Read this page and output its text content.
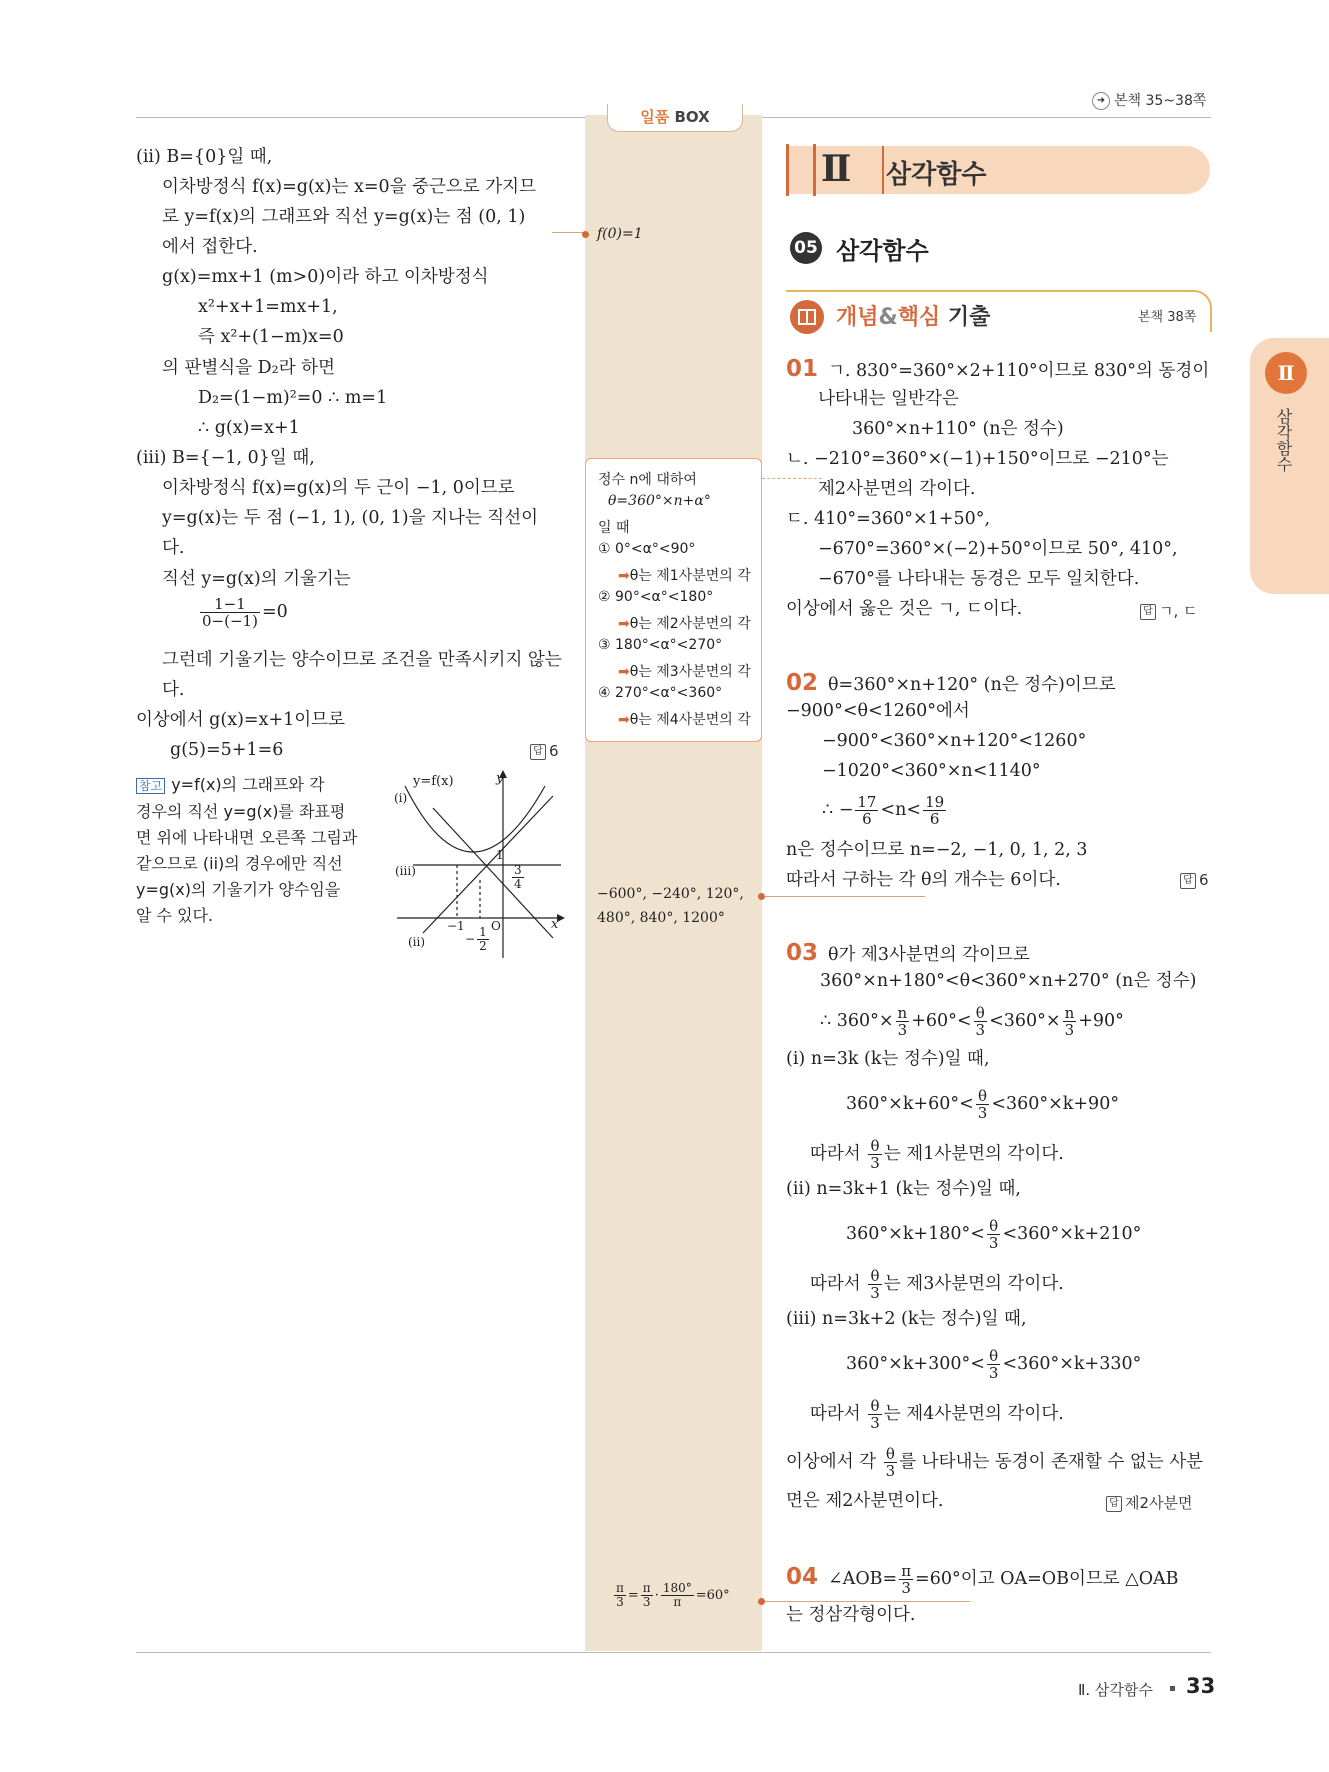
➜ 본책 35~38쪽
일품 BOX
(ii) B={0}일 때,
이차방정식 f(x)=g(x)는 x=0을 중근으로 가지므
로 y=f(x)의 그래프와 직선 y=g(x)는 점 (0, 1)
에서 접한다.
g(x)=mx+1 (m>0)이라 하고 이차방정식
x²+x+1=mx+1,
즉 x²+(1−m)x=0
의 판별식을 D₂라 하면
D₂=(1−m)²=0 ∴ m=1
∴ g(x)=x+1
(iii) B={−1, 0}일 때,
이차방정식 f(x)=g(x)의 두 근이 −1, 0이므로
y=g(x)는 두 점 (−1, 1), (0, 1)을 지나는 직선이
다.
직선 y=g(x)의 기울기는
$\frac{1-1}{0-(-1)} =0$
그런데 기울기는 양수이므로 조건을 만족시키지 않는
다.
이상에서 g(x)=x+1이므로
g(5)=5+1=6	답 6
참고 y=f(x)의 그래프와 각
경우의 직선 y=g(x)를 좌표평
면 위에 나타내면 오른쪽 그림과
같으므로 (ii)의 경우에만 직선
y=g(x)의 기울기가 양수임을
알 수 있다.
y=f(x)	y
x
(i)
(iii)
(ii)
1
−1 O
$\frac{3}{4}$
− $\frac{1}{2}$
f(0)=1
정수 n에 대하여
θ=360°×n+α°
일 때
① 0°<α°<90°
➡θ는 제1사분면의 각
② 90°<α°<180°
➡θ는 제2사분면의 각
③ 180°<α°<270°
➡θ는 제3사분면의 각
④ 270°<α°<360°
➡θ는 제4사분면의 각
−600°, −240°, 120°,
480°, 840°, 1200°
$\frac{\pi}{3} = \frac{\pi}{3} \cdot \frac{180^\circ}{\pi} =60^\circ$
Ⅱ 삼각함수
05 삼각함수
개념&핵심 기출	본책 38쪽
01 ㄱ. 830°=360°×2+110°이므로 830°의 동경이
나타내는 일반각은
360°×n+110° (n은 정수)
ㄴ. −210°=360°×(−1)+150°이므로 −210°는
제2사분면의 각이다.
ㄷ. 410°=360°×1+50°,
−670°=360°×(−2)+50°이므로 50°, 410°,
−670°를 나타내는 동경은 모두 일치한다.
이상에서 옳은 것은 ㄱ, ㄷ이다.	답 ㄱ, ㄷ
02 θ=360°×n+120° (n은 정수)이므로
−900°<θ<1260°에서
−900°<360°×n+120°<1260°
−1020°<360°×n<1140°
∴ − $\frac{17}{6} <n< \frac{19}{6}$
n은 정수이므로 n=−2, −1, 0, 1, 2, 3
따라서 구하는 각 θ의 개수는 6이다.	답 6
03 θ가 제3사분면의 각이므로
360°×n+180°<θ<360°×n+270° (n은 정수)
∴ $360^\circ\times \frac{n}{3} +60^\circ< \frac{\theta}{3} <360^\circ\times \frac{n}{3} +90^\circ$
(i) n=3k (k는 정수)일 때,
$360^\circ\times k+60^\circ< \frac{\theta}{3} <360^\circ\times k+90^\circ$
따라서 $\frac{\theta}{3}$ 는 제1사분면의 각이다.
(ii) n=3k+1 (k는 정수)일 때,
$360^\circ\times k+180^\circ< \frac{\theta}{3} <360^\circ\times k+210^\circ$
따라서 $\frac{\theta}{3}$ 는 제3사분면의 각이다.
(iii) n=3k+2 (k는 정수)일 때,
$360^\circ\times k+300^\circ< \frac{\theta}{3} <360^\circ\times k+330^\circ$
따라서 $\frac{\theta}{3}$ 는 제4사분면의 각이다.
이상에서 각 $\frac{\theta}{3}$ 를 나타내는 동경이 존재할 수 없는 사분
면은 제2사분면이다.	답 제2사분면
04 ∠AOB= $\frac{\pi}{3} =60^\circ$이고 OA=OB이므로 △OAB
는 정삼각형이다.
Ⅱ
삼각함수
Ⅱ. 삼각함수 33
